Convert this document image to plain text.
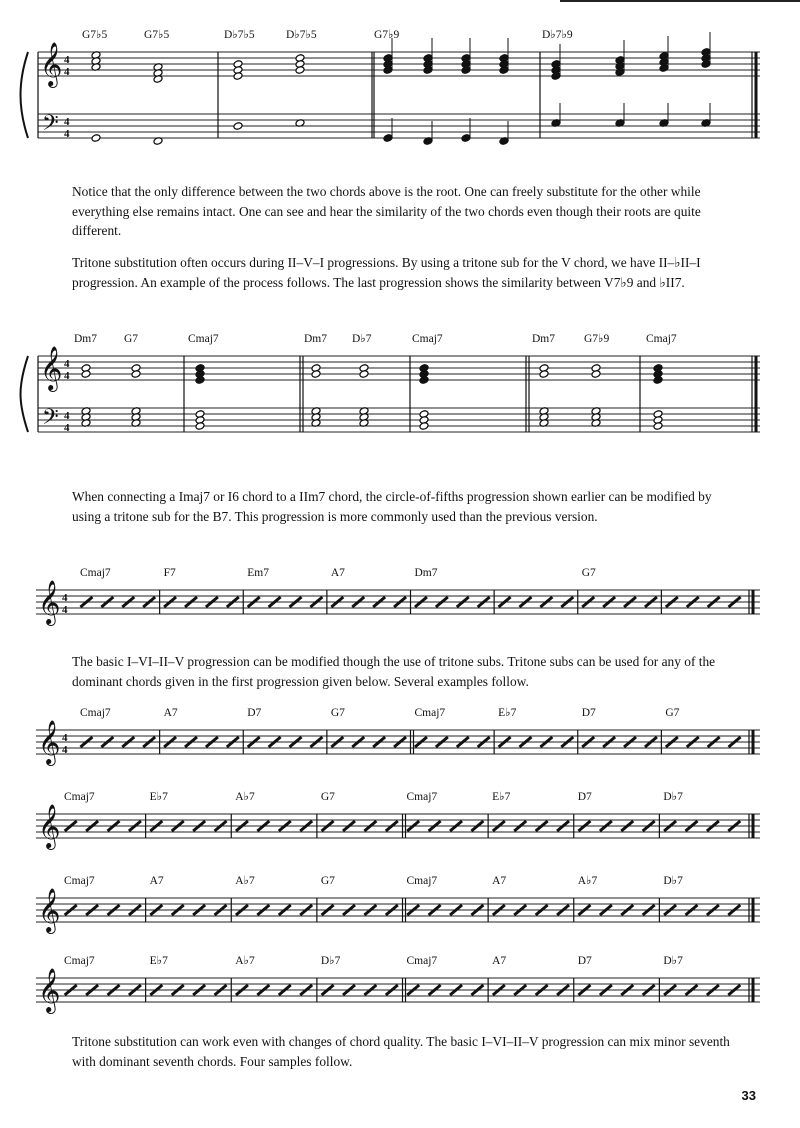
𝄞
𝄢
4
4
4
4
G7♭5	G7♭5	D♭7♭5	D♭7♭5	G7♭9	D♭7♭9

Notice that the only difference between the two chords above is the root. One can freely substitute for the other while everything else remains intact. One can see and hear the similarity of the two chords even though their roots are quite different.

Tritone substitution often occurs during II–V–I progressions. By using a tritone sub for the V chord, we have II–♭II–I progression. An example of the process follows. The last progression shows the similarity between V7♭9 and ♭II7.

𝄞
𝄢
4
4
4
4
Dm7 G7	Cmaj7	Dm7 D♭7	Cmaj7	Dm7	G7♭9	Cmaj7

When connecting a Imaj7 or I6 chord to a IIm7 chord, the circle-of-fifths progression shown earlier can be modified by using a tritone sub for the B7. This progression is more commonly used than the previous version.

𝄞 4
4
Cmaj7	F7	Em7	A7	Dm7	G7

The basic I–VI–II–V progression can be modified though the use of tritone subs. Tritone subs can be used for any of the dominant chords given in the first progression given below. Several examples follow.

𝄞 4
4
Cmaj7	A7	D7	G7	Cmaj7	E♭7	D7	G7
𝄞
Cmaj7	E♭7	A♭7	G7	Cmaj7	E♭7	D7	D♭7
𝄞
Cmaj7	A7	A♭7	G7	Cmaj7	A7	A♭7	D♭7
𝄞
Cmaj7	E♭7	A♭7	D♭7	Cmaj7	A7	D7	D♭7

Tritone substitution can work even with changes of chord quality. The basic I–VI–II–V progression can mix minor seventh with dominant seventh chords. Four samples follow.

33
